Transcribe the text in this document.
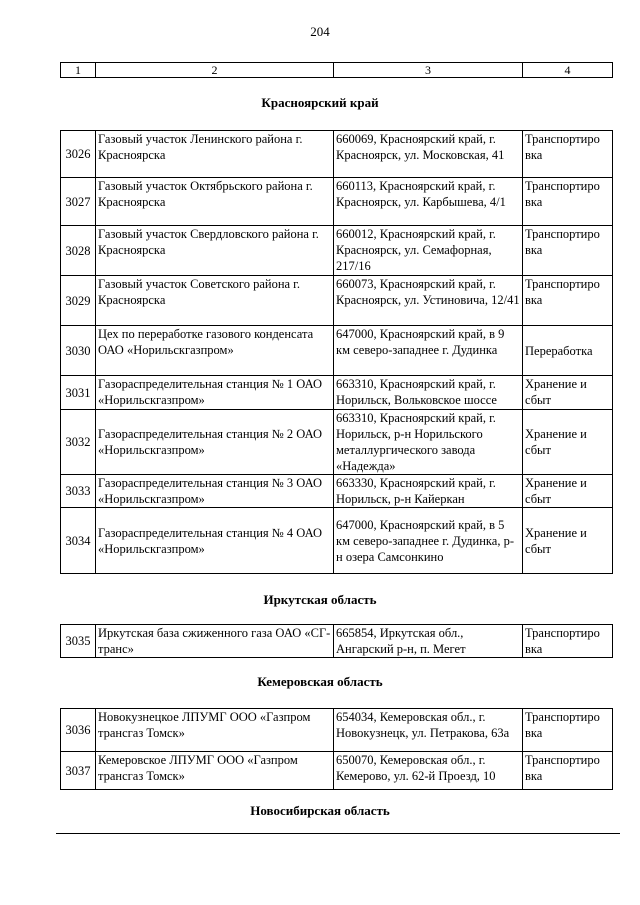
204
1	2	3	4
Красноярский край
3026	Газовый участок Ленинского района г. Красноярска	660069, Красноярский край, г. Красноярск, ул. Московская, 41	Транспортиро вка
3027	Газовый участок Октябрьского района г. Красноярска	660113, Красноярский край, г. Красноярск, ул. Карбышева, 4/1	Транспортиро вка
3028	Газовый участок Свердловского района г. Красноярска	660012, Красноярский край, г. Красноярск, ул. Семафорная, 217/16	Транспортиро вка
3029	Газовый участок Советского района г. Красноярска	660073, Красноярский край, г. Красноярск, ул. Устиновича, 12/41	Транспортиро вка
3030	Цех по переработке газового конденсата ОАО «Норильскгазпром»	647000, Красноярский край, в 9 км северо-западнее г. Дудинка	Переработка
3031	Газораспределительная станция № 1 ОАО «Норильскгазпром»	663310, Красноярский край, г. Норильск, Вольковское шоссе	Хранение и сбыт
3032	Газораспределительная станция № 2 ОАО «Норильскгазпром»	663310, Красноярский край, г. Норильск, р-н Норильского металлургического завода «Надежда»	Хранение и сбыт
3033	Газораспределительная станция № 3 ОАО «Норильскгазпром»	663330, Красноярский край, г. Норильск, р-н Кайеркан	Хранение и сбыт
3034	Газораспределительная станция № 4 ОАО «Норильскгазпром»	647000, Красноярский край, в 5 км северо-западнее г. Дудинка, р-н озера Самсонкино	Хранение и сбыт
Иркутская область
3035	Иркутская база сжиженного газа ОАО «СГ-транс»	665854, Иркутская обл., Ангарский р-н, п. Мегет	Транспортиро вка
Кемеровская область
3036	Новокузнецкое ЛПУМГ ООО «Газпром трансгаз Томск»	654034, Кемеровская обл., г. Новокузнецк, ул. Петракова, 63а	Транспортиро вка
3037	Кемеровское ЛПУМГ ООО «Газпром трансгаз Томск»	650070, Кемеровская обл., г. Кемерово, ул. 62-й Проезд, 10	Транспортиро вка
Новосибирская область
